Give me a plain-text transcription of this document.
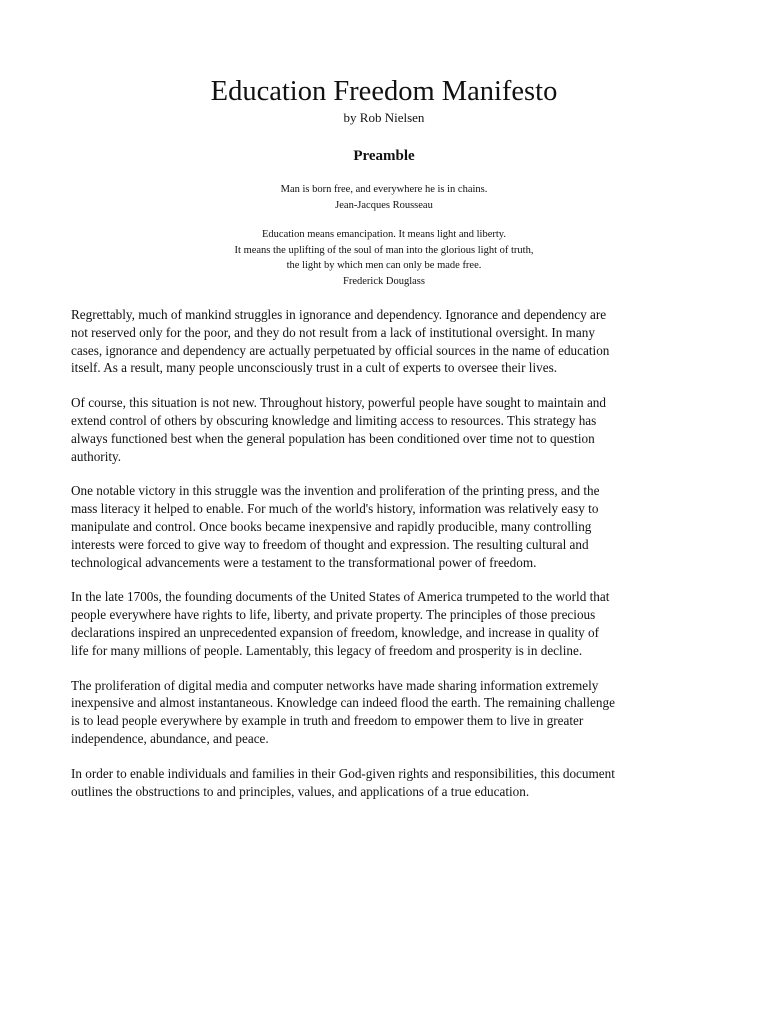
Education Freedom Manifesto
by Rob Nielsen
Preamble
Man is born free, and everywhere he is in chains.
Jean-Jacques Rousseau
Education means emancipation. It means light and liberty.
It means the uplifting of the soul of man into the glorious light of truth,
the light by which men can only be made free.
Frederick Douglass

Regrettably, much of mankind struggles in ignorance and dependency. Ignorance and dependency are
not reserved only for the poor, and they do not result from a lack of institutional oversight. In many
cases, ignorance and dependency are actually perpetuated by official sources in the name of education
itself. As a result, many people unconsciously trust in a cult of experts to oversee their lives.

Of course, this situation is not new. Throughout history, powerful people have sought to maintain and
extend control of others by obscuring knowledge and limiting access to resources. This strategy has
always functioned best when the general population has been conditioned over time not to question
authority.

One notable victory in this struggle was the invention and proliferation of the printing press, and the
mass literacy it helped to enable. For much of the world's history, information was relatively easy to
manipulate and control. Once books became inexpensive and rapidly producible, many controlling
interests were forced to give way to freedom of thought and expression. The resulting cultural and
technological advancements were a testament to the transformational power of freedom.

In the late 1700s, the founding documents of the United States of America trumpeted to the world that
people everywhere have rights to life, liberty, and private property. The principles of those precious
declarations inspired an unprecedented expansion of freedom, knowledge, and increase in quality of
life for many millions of people. Lamentably, this legacy of freedom and prosperity is in decline.

The proliferation of digital media and computer networks have made sharing information extremely
inexpensive and almost instantaneous. Knowledge can indeed flood the earth. The remaining challenge
is to lead people everywhere by example in truth and freedom to empower them to live in greater
independence, abundance, and peace.

In order to enable individuals and families in their God-given rights and responsibilities, this document
outlines the obstructions to and principles, values, and applications of a true education.
